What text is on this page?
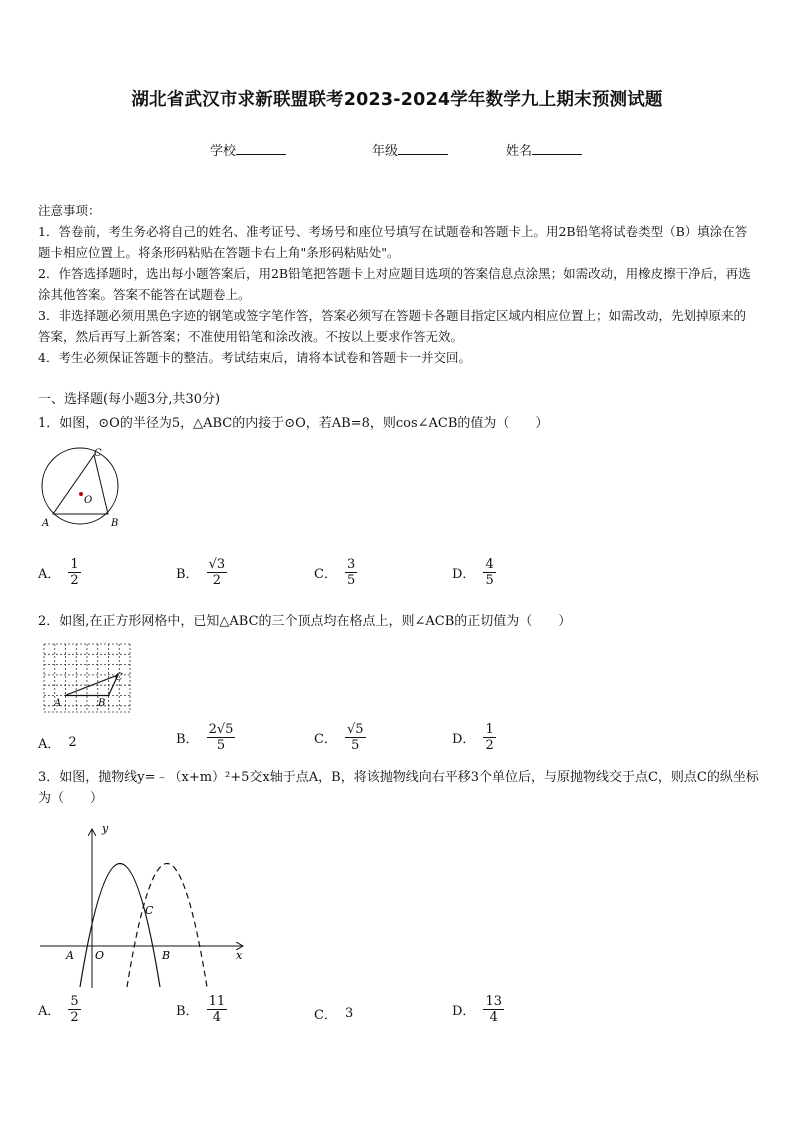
湖北省武汉市求新联盟联考2023-2024学年数学九上期末预测试题
学校	年级	姓名

注意事项：

1．答卷前，考生务必将自己的姓名、准考证号、考场号和座位号填写在试题卷和答题卡上。用2B铅笔将试卷类型（B）填涂在答题卡相应位置上。将条形码粘贴在答题卡右上角"条形码粘贴处"。

2．作答选择题时，选出每小题答案后，用2B铅笔把答题卡上对应题目选项的答案信息点涂黑；如需改动，用橡皮擦干净后，再选涂其他答案。答案不能答在试题卷上。

3．非选择题必须用黑色字迹的钢笔或签字笔作答，答案必须写在答题卡各题目指定区域内相应位置上；如需改动，先划掉原来的答案，然后再写上新答案；不准使用铅笔和涂改液。不按以上要求作答无效。

4．考生必须保证答题卡的整洁。考试结束后，请将本试卷和答题卡一并交回。

一、选择题(每小题3分,共30分)
1．如图，⊙O的半径为5，△ABC的内接于⊙O，若AB=8，则cos∠ACB的值为（　　）
A	B
C
O
A． $\frac{1}{2}$	B． $\frac{√3}{2}$	C． $\frac{3}{5}$	D． $\frac{4}{5}$
2．如图,在正方形网格中，已知△ABC的三个顶点均在格点上，则∠ACB的正切值为（　　）
A	B
C
A． 2	B． $\frac{2√5}{5}$	C． $\frac{√5}{5}$	D． $\frac{1}{2}$
3．如图，抛物线y=﹣（x+m）²+5交x轴于点A，B，将该抛物线向右平移3个单位后，与原抛物线交于点C，则点C的纵坐标为（　　）
y
x
A O	B
C
A． $\frac{5}{2}$	B． $\frac{11}{4}$	C． 3	D． $\frac{13}{4}$
